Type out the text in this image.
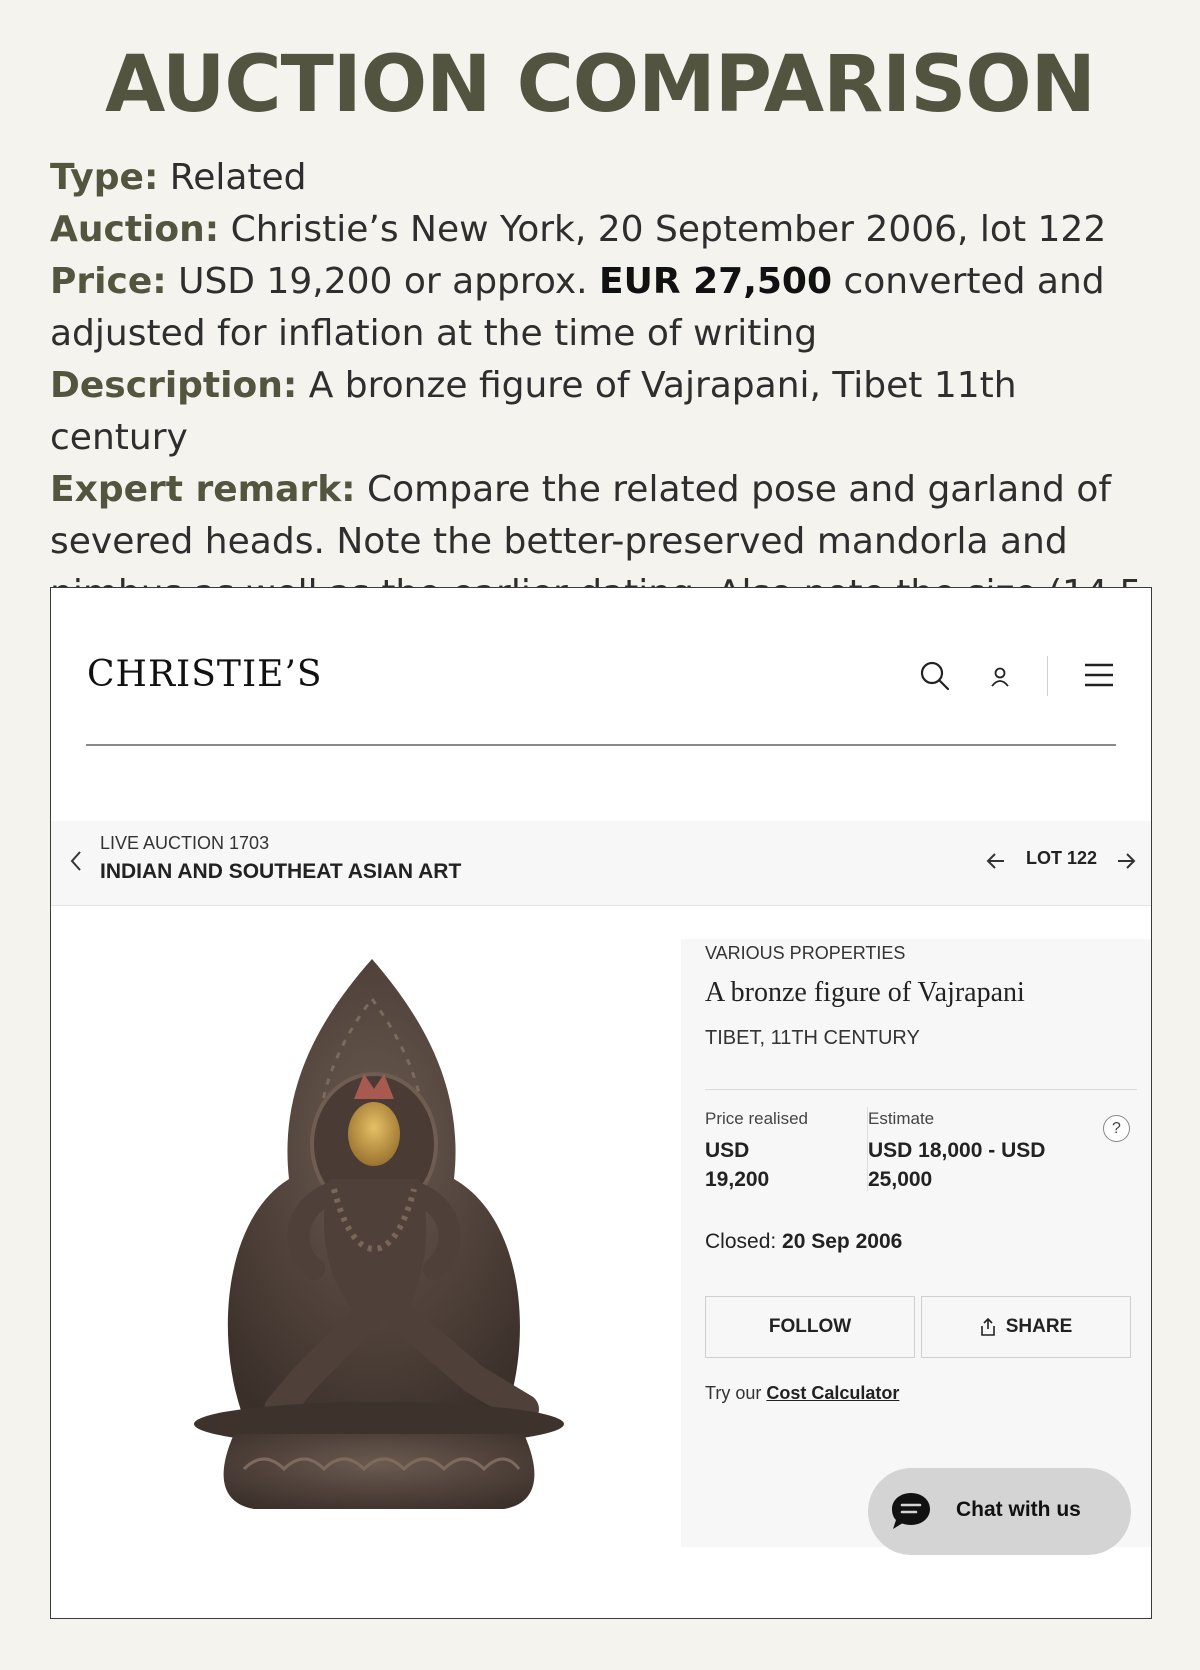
AUCTION COMPARISON

Type: Related

Auction: Christie’s New York, 20 September 2006, lot 122

Price: USD 19,200 or approx. EUR 27,500 converted and adjusted for inflation at the time of writing

Description: A bronze figure of Vajrapani, Tibet 11th century

Expert remark: Compare the related pose and garland of severed heads. Note the better-preserved mandorla and

CHRISTIE’S
LIVE AUCTION 1703
INDIAN AND SOUTHEAT ASIAN ART
LOT 122
VARIOUS PROPERTIES
A bronze figure of Vajrapani
TIBET, 11TH CENTURY
Price realised
USD 19,200
Estimate
USD 18,000 - USD 25,000
?
Closed: 20 Sep 2006
FOLLOW	SHARE
Try our Cost Calculator
Chat with us
